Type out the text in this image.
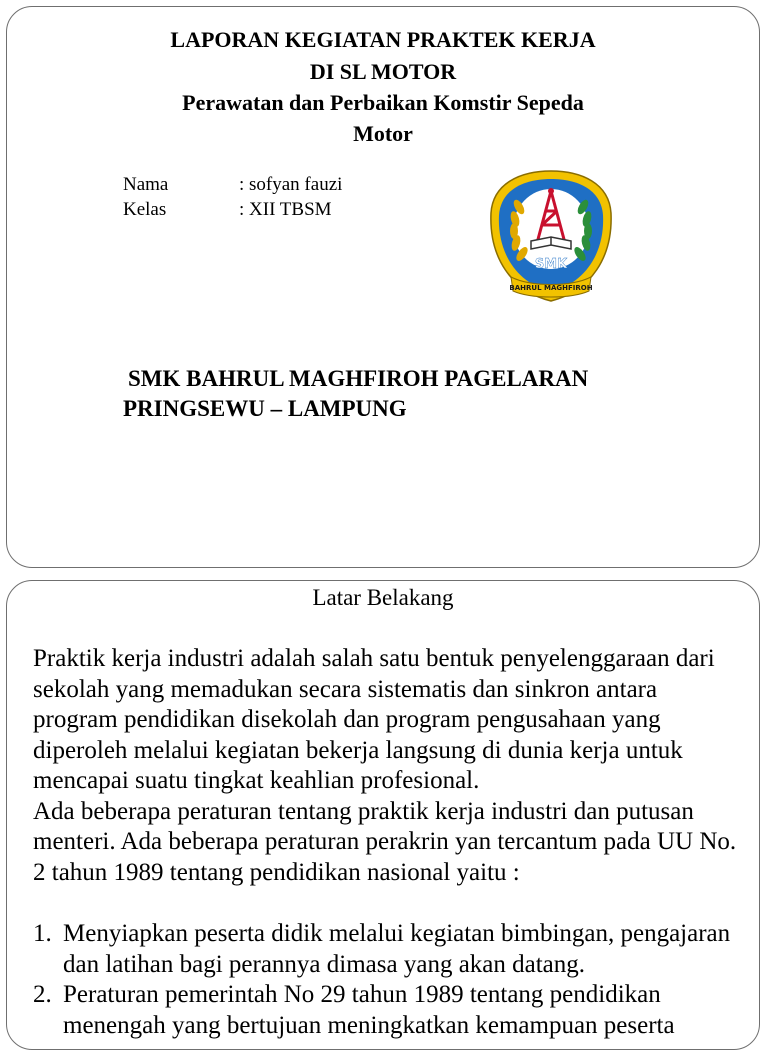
LAPORAN KEGIATAN PRAKTEK KERJA
DI SL MOTOR
Perawatan dan Perbaikan Komstir Sepeda
Motor
Nama	: sofyan fauzi
Kelas	: XII TBSM
SMK
BAHRUL MAGHFIROH
SMK BAHRUL MAGHFIROH PAGELARAN
PRINGSEWU – LAMPUNG
Latar Belakang

Praktik kerja industri adalah salah satu bentuk penyelenggaraan dari sekolah yang memadukan secara sistematis dan sinkron antara program pendidikan disekolah dan program pengusahaan yang diperoleh melalui kegiatan bekerja langsung di dunia kerja untuk mencapai suatu tingkat keahlian profesional.

Ada beberapa peraturan tentang praktik kerja industri dan putusan menteri. Ada beberapa peraturan perakrin yan tercantum pada UU No. 2 tahun 1989 tentang pendidikan nasional yaitu :

1. Menyiapkan peserta didik melalui kegiatan bimbingan, pengajaran dan latihan bagi perannya dimasa yang akan datang.
2. Peraturan pemerintah No 29 tahun 1989 tentang pendidikan menengah yang bertujuan meningkatkan kemampuan peserta
